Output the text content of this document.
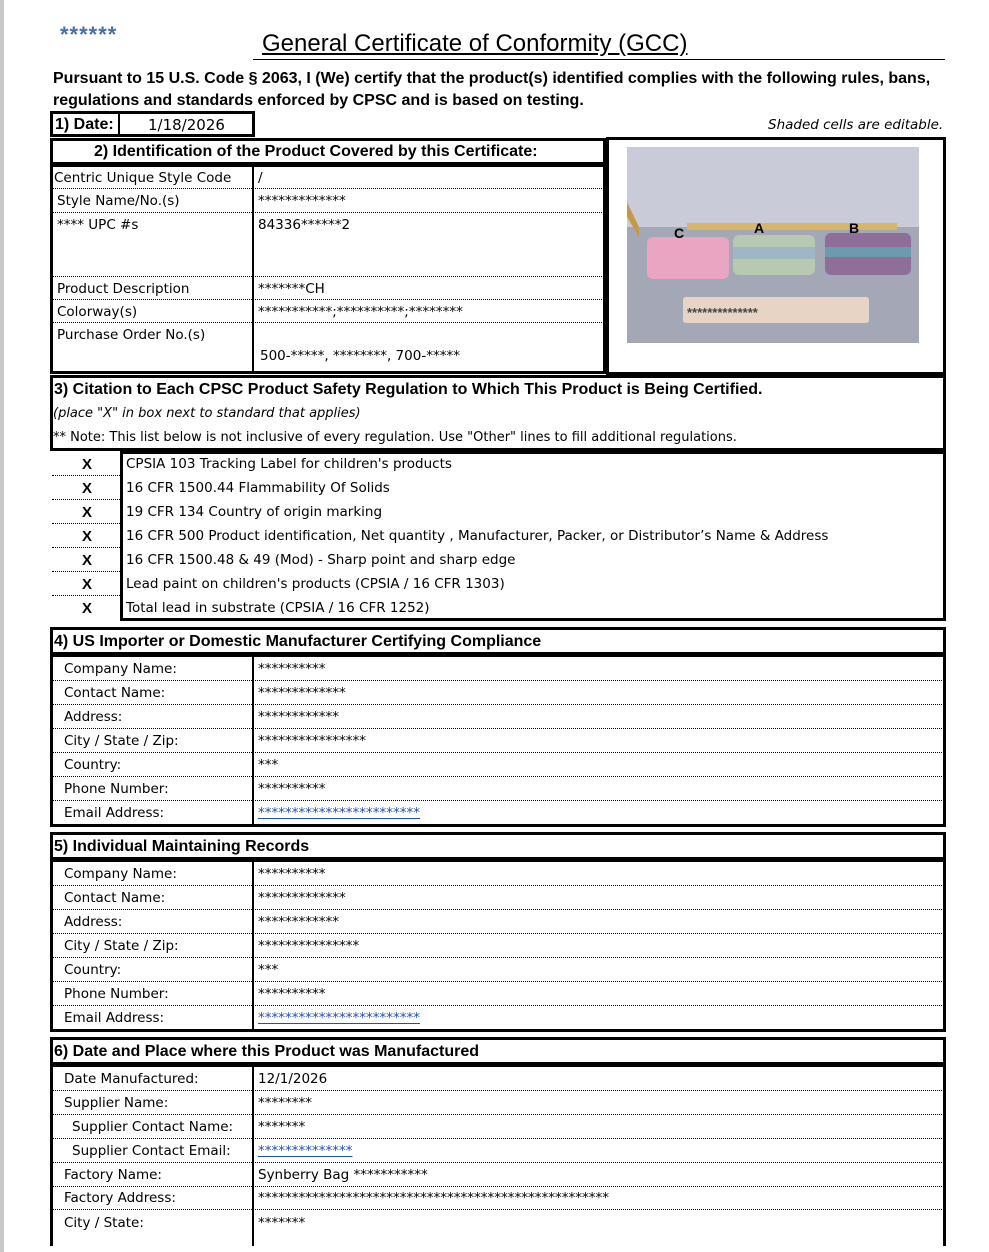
******	General Certificate of Conformity (GCC)
Pursuant to 15 U.S. Code § 2063, I (We) certify that the product(s) identified complies with the following rules, bans, regulations and standards enforced by CPSC and is based on testing.
1) Date: 1/18/2026	Shaded cells are editable.
2) Identification of the Product Covered by this Certificate:
Centric Unique Style Code /
Style Name/No.(s)	*************
**** UPC #s	84336******2
Product Description	*******CH
Colorway(s)	***********;**********;********
Purchase Order No.(s)
500-*****, ********, 700-*****
C	A	B
**************
3) Citation to Each CPSC Product Safety Regulation to Which This Product is Being Certified.
(place "X" in box next to standard that applies)
** Note: This list below is not inclusive of every regulation. Use "Other" lines to fill additional regulations.
X	CPSIA 103 Tracking Label for children's products
X	16 CFR 1500.44 Flammability Of Solids
X	19 CFR 134 Country of origin marking
X	16 CFR 500 Product identification, Net quantity , Manufacturer, Packer, or Distributor’s Name & Address
X	16 CFR 1500.48 & 49 (Mod) - Sharp point and sharp edge
X	Lead paint on children's products (CPSIA / 16 CFR 1303)
X	Total lead in substrate (CPSIA / 16 CFR 1252)
4) US Importer or Domestic Manufacturer Certifying Compliance
Company Name:	**********
Contact Name:	*************
Address:	************
City / State / Zip:	****************
Country:	***
Phone Number:	**********
Email Address:	************************
5) Individual Maintaining Records
Company Name:	**********
Contact Name:	*************
Address:	************
City / State / Zip:	***************
Country:	***
Phone Number:	**********
Email Address:	************************
6) Date and Place where this Product was Manufactured
Date Manufactured:	12/1/2026
Supplier Name:	********
Supplier Contact Name: *******
Supplier Contact Email: **************
Factory Name:	Synberry Bag ***********
Factory Address:	****************************************************
City / State:	*******
